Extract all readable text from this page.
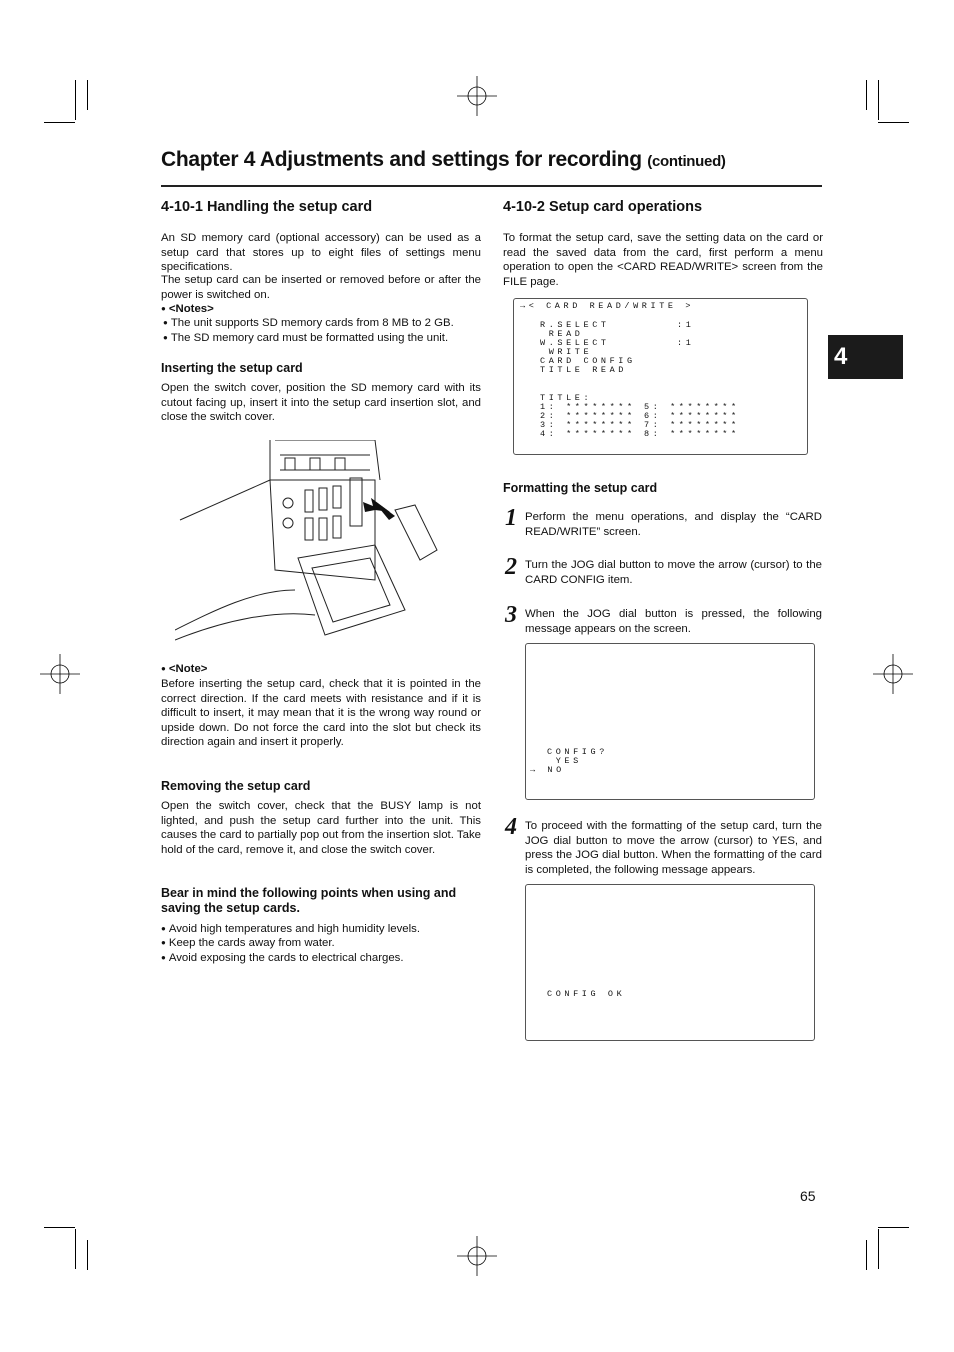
Chapter 4 Adjustments and settings for recording (continued)
4
4-10-1 Handling the setup card
An SD memory card (optional accessory) can be used as a setup card that stores up to eight files of settings menu specifications.
The setup card can be inserted or removed before or after the power is switched on.
● <Notes>
● The unit supports SD memory cards from 8 MB to 2 GB.
● The SD memory card must be formatted using the unit.
Inserting the setup card
Open the switch cover, position the SD memory card with its cutout facing up, insert it into the setup card insertion slot, and close the switch cover.
● <Note>
Before inserting the setup card, check that it is pointed in the correct direction. If the card meets with resistance and if it is difficult to insert, it may mean that it is the wrong way round or upside down. Do not force the card into the slot but check its direction again and insert it properly.
Removing the setup card
Open the switch cover, check that the BUSY lamp is not lighted, and push the setup card further into the unit. This causes the card to partially pop out from the insertion slot. Take hold of the card, remove it, and close the switch cover.
Bear in mind the following points when using and saving the setup cards.
● Avoid high temperatures and high humidity levels.
● Keep the cards away from water.
● Avoid exposing the cards to electrical charges.
4-10-2 Setup card operations
To format the setup card, save the setting data on the card or read the saved data from the card, first perform a menu operation to open the <CARD READ/WRITE> screen from the FILE page.
→< CARD READ/WRITE >
R.SELECT	:1
READ
W.SELECT	:1
WRITE
CARD CONFIG
TITLE READ
TITLE:
1: ********
2: ********
3: ********
4: ********
5: ********
6: ********
7: ********
8: ********
Formatting the setup card
1 Perform the menu operations, and display the “CARD READ/WRITE” screen.
2 Turn the JOG dial button to move the arrow (cursor) to the CARD CONFIG item.
3 When the JOG dial button is pressed, the following message appears on the screen.
CONFIG?
YES
→ NO
4 To proceed with the formatting of the setup card, turn the JOG dial button to move the arrow (cursor) to YES, and press the JOG dial button. When the formatting of the card is completed, the following message appears.
CONFIG OK
65
